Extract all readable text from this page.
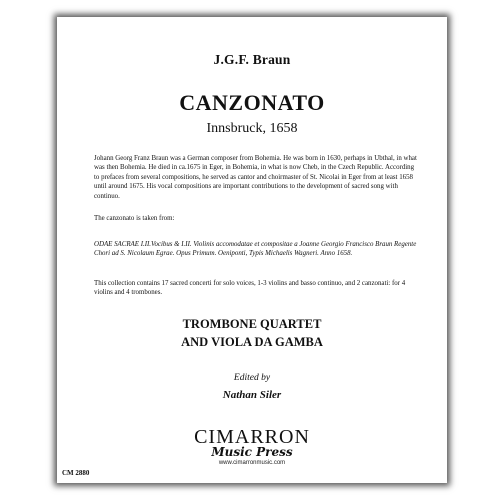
J.G.F. Braun
CANZONATO
Innsbruck, 1658
Johann Georg Franz Braun was a German composer from Bohemia. He was born in 1630, perhaps in Ubthal, in what was then Bohemia. He died in ca.1675 in Eger, in Bohemia, in what is now Cheb, in the Czech Republic. According to prefaces from several compositions, he served as cantor and choirmaster of St. Nicolai in Eger from at least 1658 until around 1675. His vocal compositions are important contributions to the development of sacred song with continuo.
The canzonato is taken from:
ODAE SACRAE I.II.Vocibus & I.II. Violinis accomodatae et compositae a Joanne Georgio Francisco Braun Regente Chori ad S. Nicolaum Egrae. Opus Primum. Oeniponti, Typis Michaelis Wagneri. Anno 1658.
This collection contains 17 sacred concerti for solo voices, 1-3 violins and basso continuo, and 2 canzonati: for 4 violins and 4 trombones.
TROMBONE QUARTET
AND VIOLA DA GAMBA
Edited by
Nathan Siler
CIMARRON
Music Press
www.cimarronmusic.com
CM 2880
